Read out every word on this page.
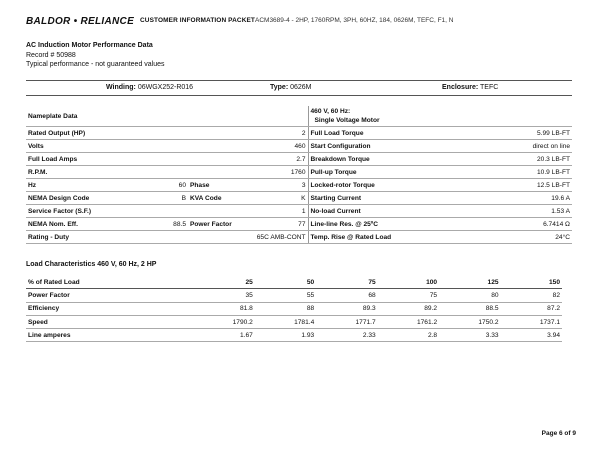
BALDOR • RELIANCE CUSTOMER INFORMATION PACKET ACM3689-4 - 2HP, 1760RPM, 3PH, 60HZ, 184, 0626M, TEFC, F1, N
AC Induction Motor Performance Data
Record # 50988
Typical performance - not guaranteed values
Winding: 06WGX252-R016	Type: 0626M	Enclosure: TEFC
Nameplate Data				460 V, 60 Hz:
Single Voltage Motor	

Rated Output (HP)		2		Full Load Torque	5.99 LB-FT
Volts		460		Start Configuration	direct on line
Full Load Amps		2.7		Breakdown Torque	20.3 LB-FT
R.P.M.		1760		Pull-up Torque	10.9 LB-FT
Hz	60	Phase	3	Locked-rotor Torque	12.5 LB-FT
NEMA Design Code	B	KVA Code	K	Starting Current	19.6 A
Service Factor (S.F.)		1		No-load Current	1.53 A
NEMA Nom. Eff.	88.5	Power Factor	77	Line-line Res. @ 25ºC	6.7414 Ω
Rating - Duty		65C AMB-CONT		Temp. Rise @ Rated Load	24°C
Load Characteristics 460 V, 60 Hz, 2 HP
% of Rated Load	25	50	75	100	125	150
Power Factor	35	55	68	75	80	82
Efficiency	81.8	88	89.3	89.2	88.5	87.2
Speed	1790.2	1781.4	1771.7	1761.2	1750.2	1737.1
Line amperes	1.67	1.93	2.33	2.8	3.33	3.94
Page 6 of 9
